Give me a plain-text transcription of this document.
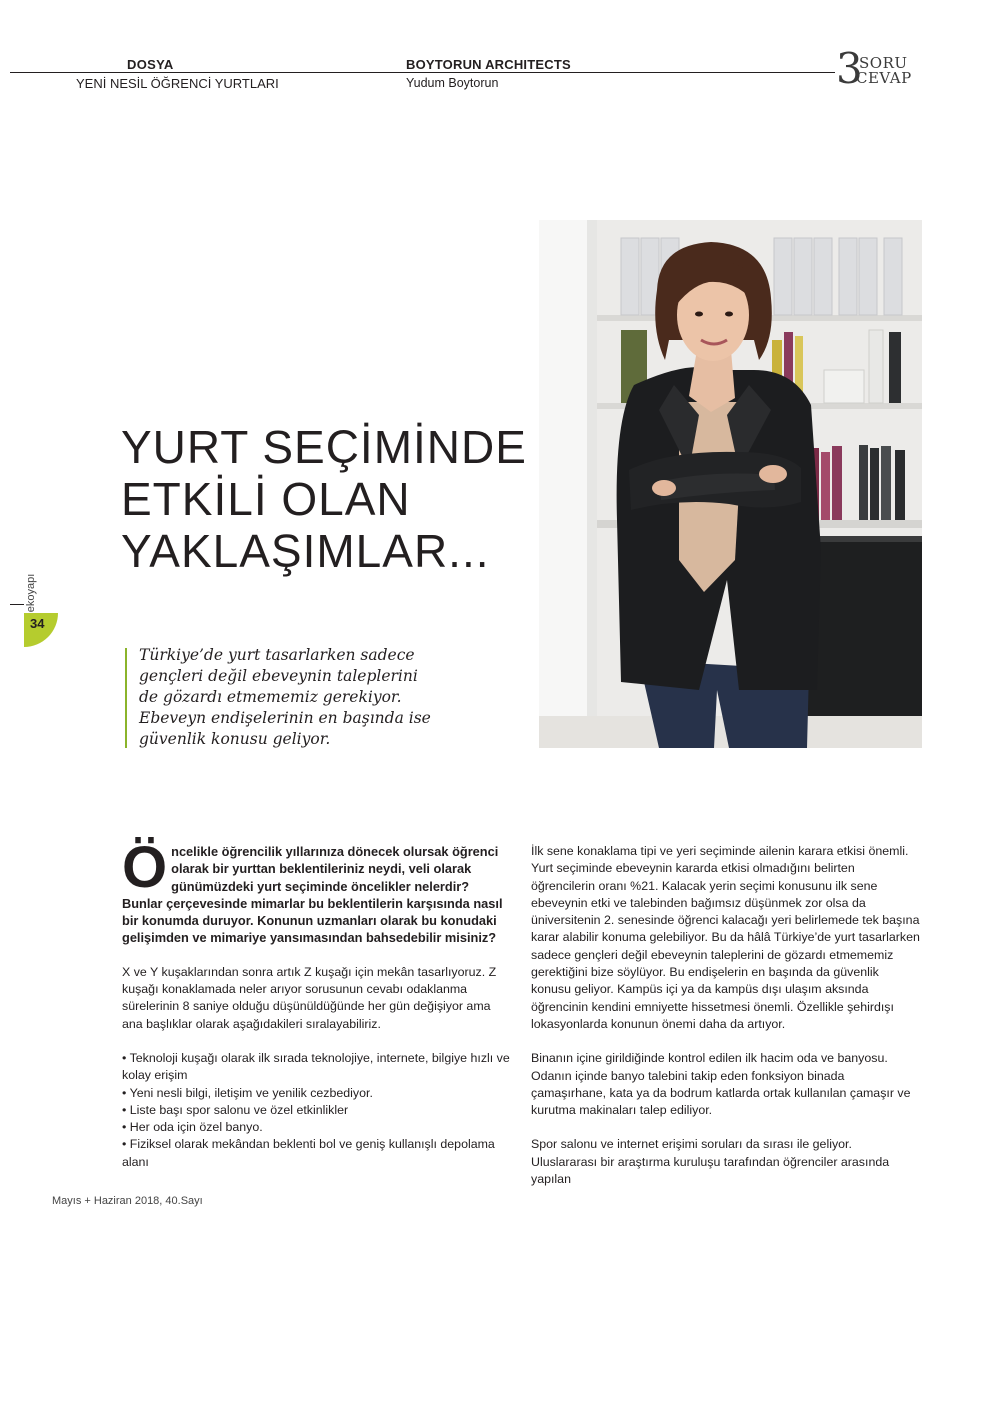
DOSYA
YENİ NESİL ÖĞRENCİ YURTLARI
BOYTORUN ARCHITECTS
Yudum Boytorun	3
SORU
CEVAP
ekoyapı
34
YURT SEÇİMİNDE
ETKİLİ OLAN
YAKLAŞIMLAR...
Türkiye’de yurt tasarlarken sadece
gençleri değil ebeveynin taleplerini
de gözardı etmememiz gerekiyor.
Ebeveyn endişelerinin en başında ise
güvenlik konusu geliyor.

Öncelikle öğrencilik yıllarınıza dönecek olursak öğrenci olarak bir yurttan beklentileriniz neydi, veli olarak günümüzdeki yurt seçiminde öncelikler nelerdir? Bunlar çerçevesinde mimarlar bu beklentilerin karşısında nasıl bir konumda duruyor. Konunun uzmanları olarak bu konudaki gelişimden ve mimariye yansımasından bahsedebilir misiniz?

X ve Y kuşaklarından sonra artık Z kuşağı için mekân tasarlıyoruz. Z kuşağı konaklamada neler arıyor sorusunun cevabı odaklanma sürelerinin 8 saniye olduğu düşünüldüğünde her gün değişiyor ama ana başlıklar olarak aşağıdakileri sıralayabiliriz.

• Teknoloji kuşağı olarak ilk sırada teknolojiye, internete, bilgiye hızlı ve kolay erişim
• Yeni nesli bilgi, iletişim ve yenilik cezbediyor.
• Liste başı spor salonu ve özel etkinlikler
• Her oda için özel banyo.
• Fiziksel olarak mekândan beklenti bol ve geniş kullanışlı depolama alanı

İlk sene konaklama tipi ve yeri seçiminde ailenin karara etkisi önemli. Yurt seçiminde ebeveynin kararda etkisi olmadığını belirten öğrencilerin oranı %21. Kalacak yerin seçimi konusunu ilk sene ebeveynin etki ve talebinden bağımsız düşünmek zor olsa da üniversitenin 2. senesinde öğrenci kalacağı yeri belirlemede tek başına karar alabilir konuma gelebiliyor. Bu da hâlâ Türkiye’de yurt tasarlarken sadece gençleri değil ebeveynin taleplerini de gözardı etmememiz gerektiğini bize söylüyor. Bu endişelerin en başında da güvenlik konusu geliyor. Kampüs içi ya da kampüs dışı ulaşım aksında öğrencinin kendini emniyette hissetmesi önemli. Özellikle şehirdışı lokasyonlarda konunun önemi daha da artıyor.

Binanın içine girildiğinde kontrol edilen ilk hacim oda ve banyosu. Odanın içinde banyo talebini takip eden fonksiyon binada çamaşırhane, kata ya da bodrum katlarda ortak kullanılan çamaşır ve kurutma makinaları talep ediliyor.

Spor salonu ve internet erişimi soruları da sırası ile geliyor. Uluslararası bir araştırma kuruluşu tarafından öğrenciler arasında yapılan

Mayıs + Haziran 2018, 40.Sayı
